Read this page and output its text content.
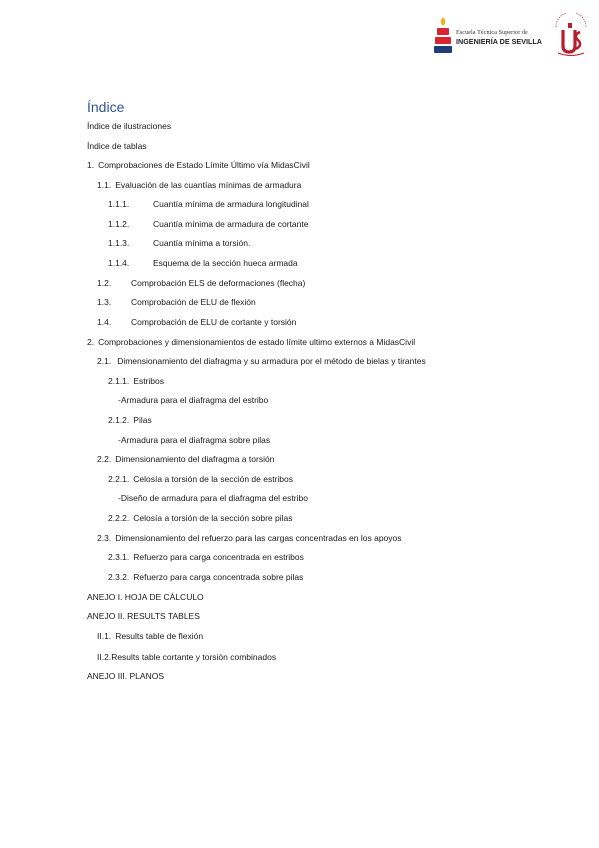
Escuela Técnica Superior de
INGENIERÍA DE SEVILLA
Índice
Índice de ilustraciones
Índice de tablas
1. Comprobaciones de Estado Límite Último vía MidasCivil
1.1. Evaluación de las cuantías mínimas de armadura
1.1.1.	Cuantía mínima de armadura longitudinal
1.1.2.	Cuantía mínima de armadura de cortante
1.1.3.	Cuantía mínima a torsión.
1.1.4.	Esquema de la sección hueca armada
1.2. Comprobación ELS de deformaciones (flecha)
1.3. Comprobación de ELU de flexión
1.4. Comprobación de ELU de cortante y torsión
2. Comprobaciones y dimensionamientos de estado límite ultimo externos a MidasCivil
2.1. Dimensionamiento del diafragma y su armadura por el método de bielas y tirantes
2.1.1. Estribos
-Armadura para el diafragma del estribo
2.1.2. Pilas
-Armadura para el diafragma sobre pilas
2.2. Dimensionamiento del diafragma a torsión
2.2.1. Celosía a torsión de la sección de estribos
-Diseño de armadura para el diafragma del estribo
2.2.2. Celosía a torsión de la sección sobre pilas
2.3. Dimensionamiento del refuerzo para las cargas concentradas en los apoyos
2.3.1. Refuerzo para carga concentrada en estribos
2.3.2. Refuerzo para carga concentrada sobre pilas
ANEJO I. HOJA DE CÁLCULO
ANEJO II. RESULTS TABLES
II.1. Results table de flexión
II.2.Results table cortante y torsión combinados
ANEJO III. PLANOS
